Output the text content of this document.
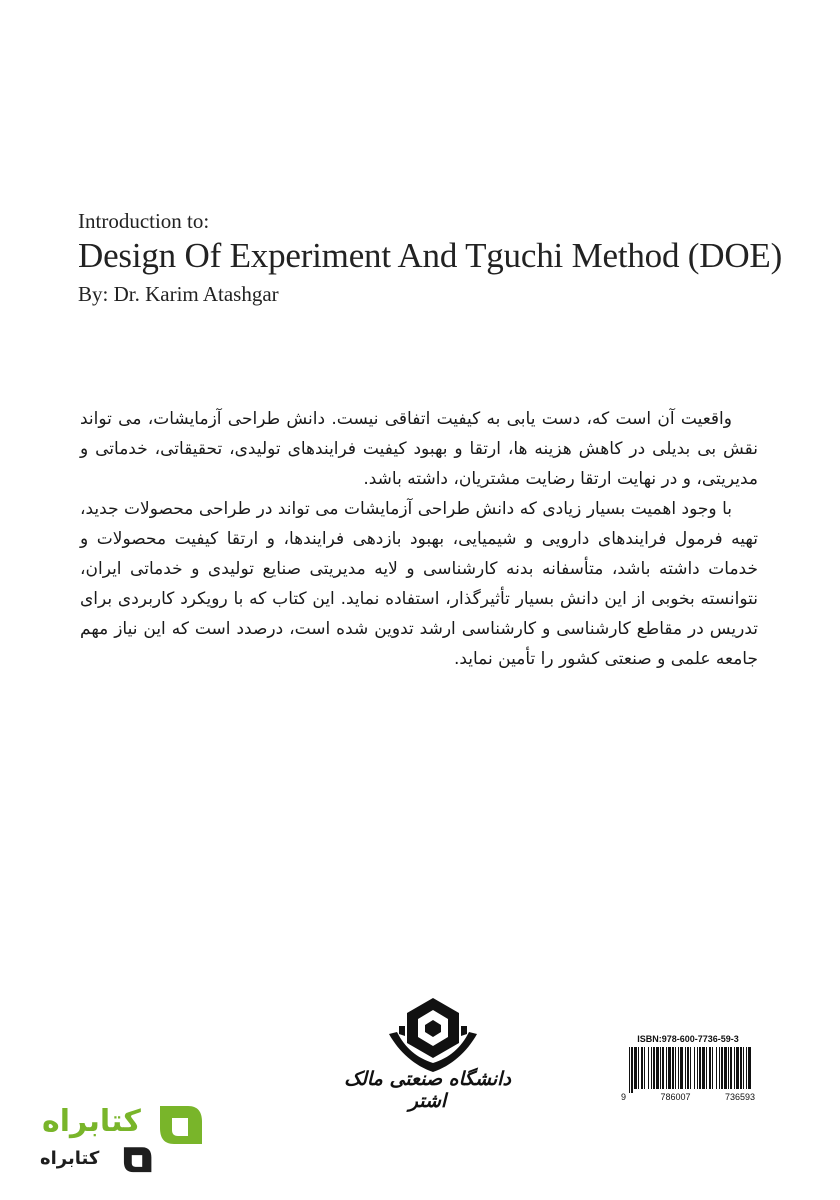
Introduction to:
Design Of Experiment And Tguchi Method (DOE)
By: Dr. Karim Atashgar

واقعیت آن است که، دست یابی به کیفیت اتفاقی نیست. دانش طراحی آزمایشات، می تواند نقش بی بدیلی در کاهش هزینه ها، ارتقا و بهبود کیفیت فرایندهای تولیدی، تحقیقاتی، خدماتی و مدیریتی، و در نهایت ارتقا رضایت مشتریان، داشته باشد.

با وجود اهمیت بسیار زیادی که دانش طراحی آزمایشات می تواند در طراحی محصولات جدید، تهیه فرمول فرایندهای دارویی و شیمیایی، بهبود بازدهی فرایندها، و ارتقا کیفیت محصولات و خدمات داشته باشد، متأسفانه بدنه کارشناسی و لایه مدیریتی صنایع تولیدی و خدماتی ایران، نتوانسته بخوبی از این دانش بسیار تأثیرگذار، استفاده نماید. این کتاب که با رویکرد کاربردی برای تدریس در مقاطع کارشناسی و کارشناسی ارشد تدوین شده است، درصدد است که این نیاز مهم جامعه علمی و صنعتی کشور را تأمین نماید.

دانشگاه صنعتی مالک اشتر
ISBN:978-600-7736-59-3
9	786007	736593
کتابراه
کتابراه
